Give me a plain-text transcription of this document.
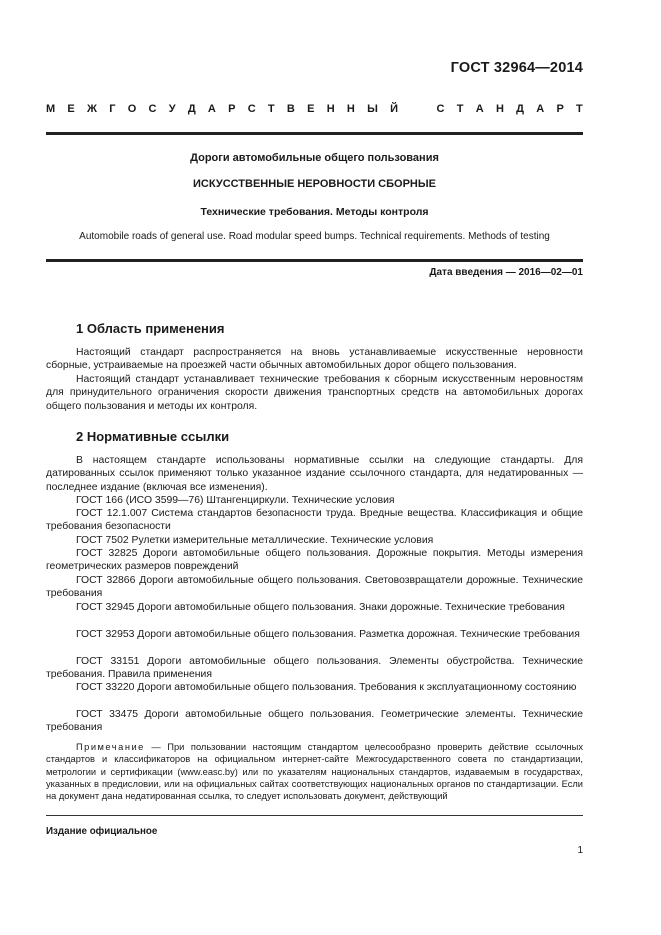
ГОСТ 32964—2014
М Е Ж Г О С У Д А Р С Т В Е Н Н Ы Й	С Т А Н Д А Р Т
Дороги автомобильные общего пользования
ИСКУССТВЕННЫЕ НЕРОВНОСТИ СБОРНЫЕ
Технические требования. Методы контроля
Automobile roads of general use. Road modular speed bumps. Technical requirements. Methods of testing
Дата введения — 2016—02—01
1 Область применения

Настоящий стандарт распространяется на вновь устанавливаемые искусственные неровности сборные, устраиваемые на проезжей части обычных автомобильных дорог общего пользования.

Настоящий стандарт устанавливает технические требования к сборным искусственным неровностям для принудительного ограничения скорости движения транспортных средств на автомобильных дорогах общего пользования и методы их контроля.

2 Нормативные ссылки

В настоящем стандарте использованы нормативные ссылки на следующие стандарты. Для датированных ссылок применяют только указанное издание ссылочного стандарта, для недатированных — последнее издание (включая все изменения).

ГОСТ 166 (ИСО 3599—76) Штангенциркули. Технические условия

ГОСТ 12.1.007 Система стандартов безопасности труда. Вредные вещества. Классификация и общие требования безопасности

ГОСТ 7502 Рулетки измерительные металлические. Технические условия

ГОСТ 32825 Дороги автомобильные общего пользования. Дорожные покрытия. Методы измерения геометрических размеров повреждений

ГОСТ 32866 Дороги автомобильные общего пользования. Световозвращатели дорожные. Технические требования

ГОСТ 32945 Дороги автомобильные общего пользования. Знаки дорожные. Технические требования

ГОСТ 32953 Дороги автомобильные общего пользования. Разметка дорожная. Технические требования

ГОСТ 33151 Дороги автомобильные общего пользования. Элементы обустройства. Технические требования. Правила применения

ГОСТ 33220 Дороги автомобильные общего пользования. Требования к эксплуатационному состоянию

ГОСТ 33475 Дороги автомобильные общего пользования. Геометрические элементы. Технические требования

Примечание — При пользовании настоящим стандартом целесообразно проверить действие ссылочных стандартов и классификаторов на официальном интернет-сайте Межгосударственного совета по стандартизации, метрологии и сертификации (www.easc.by) или по указателям национальных стандартов, издаваемым в государствах, указанных в предисловии, или на официальных сайтах соответствующих национальных органов по стандартизации. Если на документ дана недатированная ссылка, то следует использовать документ, действующий

Издание официальное
1
